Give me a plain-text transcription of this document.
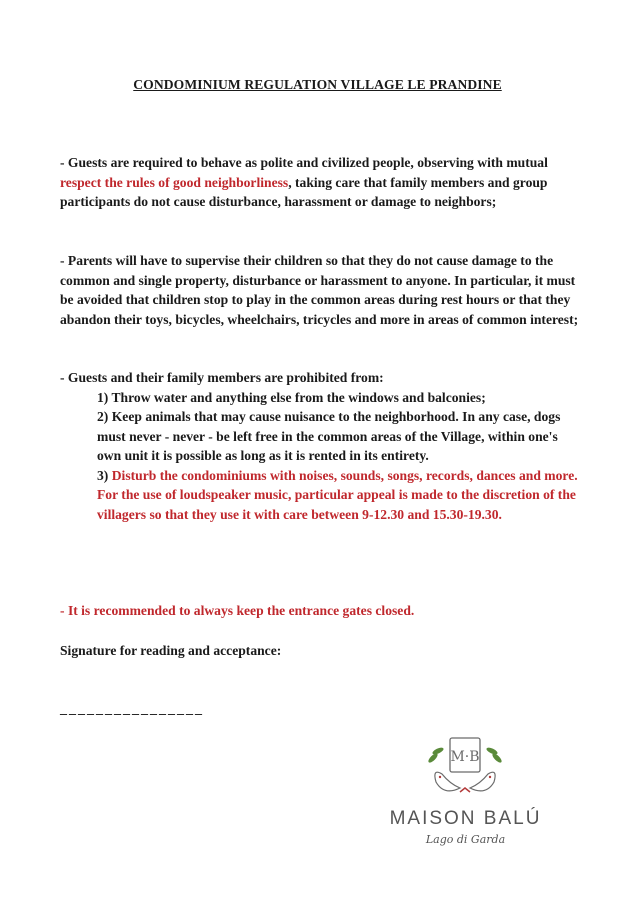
CONDOMINIUM REGULATION VILLAGE LE PRANDINE
- Guests are required to behave as polite and civilized people, observing with mutual respect the rules of good neighborliness, taking care that family members and group participants do not cause disturbance, harassment or damage to neighbors;
- Parents will have to supervise their children so that they do not cause damage to the common and single property, disturbance or harassment to anyone. In particular, it must be avoided that children stop to play in the common areas during rest hours or that they abandon their toys, bicycles, wheelchairs, tricycles and more in areas of common interest;
- Guests and their family members are prohibited from:
1) Throw water and anything else from the windows and balconies;
2) Keep animals that may cause nuisance to the neighborhood. In any case, dogs must never - never - be left free in the common areas of the Village, within one's own unit it is possible as long as it is rented in its entirety.
3) Disturb the condominiums with noises, sounds, songs, records, dances and more. For the use of loudspeaker music, particular appeal is made to the discretion of the villagers so that they use it with care between 9-12.30 and 15.30-19.30.
- It is recommended to always keep the entrance gates closed.
Signature for reading and acceptance:
________________
M·B
MAISON BALÚ
Lago di Garda
